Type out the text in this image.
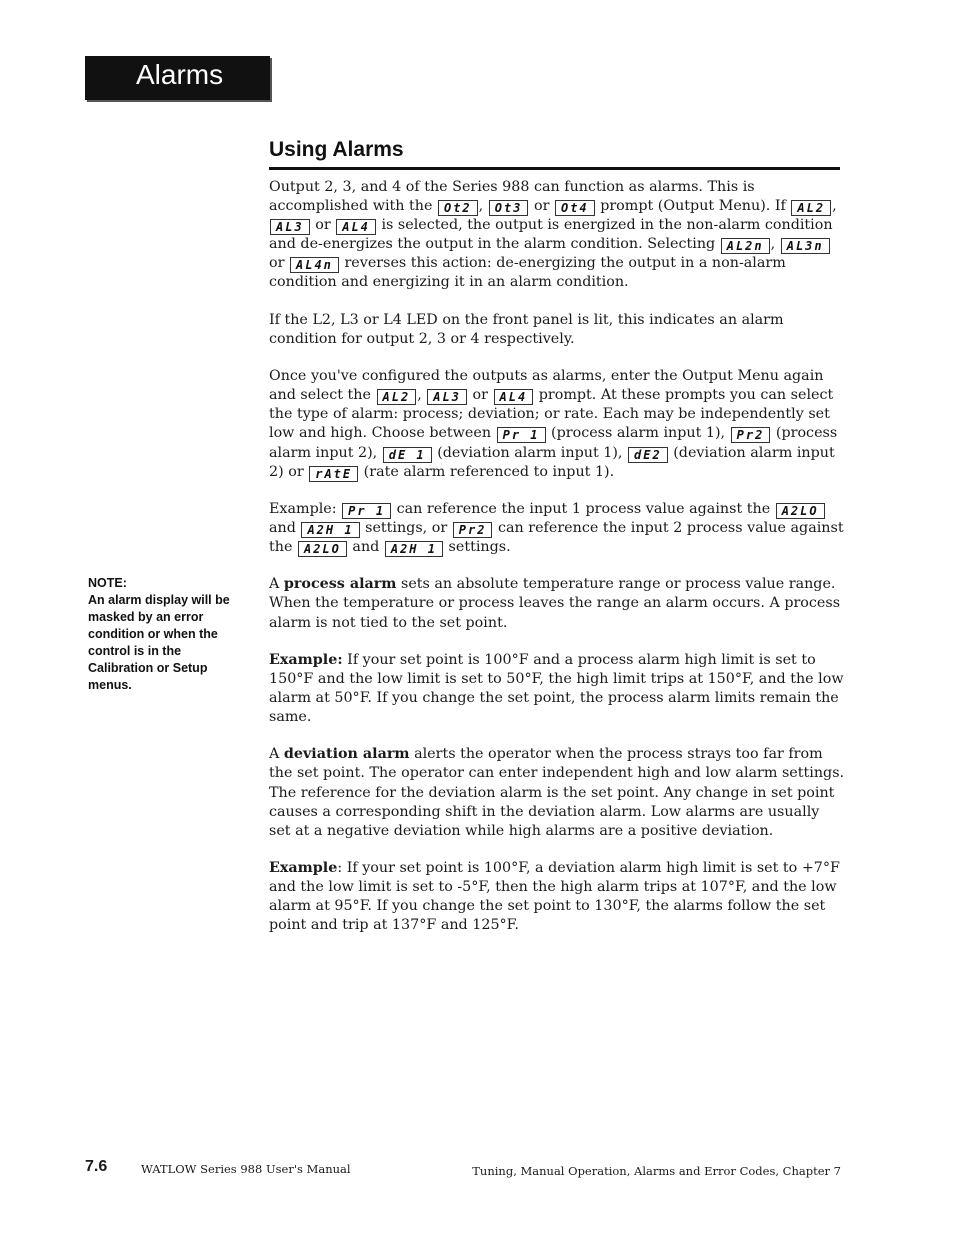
Alarms
Using Alarms
NOTE:
An alarm display will be masked by an error condition or when the control is in the Calibration or Setup menus.

Output 2, 3, and 4 of the Series 988 can function as alarms. This is accomplished with the Ot2 , Ot3 or Ot4 prompt (Output Menu). If AL2 , AL3 or AL4 is selected, the output is energized in the non-alarm condition and de-energizes the output in the alarm condition. Selecting AL2n , AL3n or AL4n reverses this action: de-energizing the output in a non-alarm condition and energizing it in an alarm condition.

If the L2, L3 or L4 LED on the front panel is lit, this indicates an alarm condition for output 2, 3 or 4 respectively.

Once you've configured the outputs as alarms, enter the Output Menu again and select the AL2 , AL3 or AL4 prompt. At these prompts you can select the type of alarm: process; deviation; or rate. Each may be independently set low and high. Choose between Pr 1 (process alarm input 1), Pr2 (process alarm input 2), dE 1 (deviation alarm input 1), dE2 (deviation alarm input 2) or rAtE (rate alarm referenced to input 1).

Example: Pr 1 can reference the input 1 process value against the A2LO and A2H 1 settings, or Pr2 can reference the input 2 process value against the A2LO and A2H 1 settings.

A process alarm sets an absolute temperature range or process value range. When the temperature or process leaves the range an alarm occurs. A process alarm is not tied to the set point.

Example: If your set point is 100°F and a process alarm high limit is set to 150°F and the low limit is set to 50°F, the high limit trips at 150°F, and the low alarm at 50°F. If you change the set point, the process alarm limits remain the same.

A deviation alarm alerts the operator when the process strays too far from the set point. The operator can enter independent high and low alarm settings. The reference for the deviation alarm is the set point. Any change in set point causes a corresponding shift in the deviation alarm. Low alarms are usually set at a negative deviation while high alarms are a positive deviation.

Example: If your set point is 100°F, a deviation alarm high limit is set to +7°F and the low limit is set to -5°F, then the high alarm trips at 107°F, and the low alarm at 95°F. If you change the set point to 130°F, the alarms follow the set point and trip at 137°F and 125°F.

7.6	WATLOW Series 988 User's Manual	Tuning, Manual Operation, Alarms and Error Codes, Chapter 7
